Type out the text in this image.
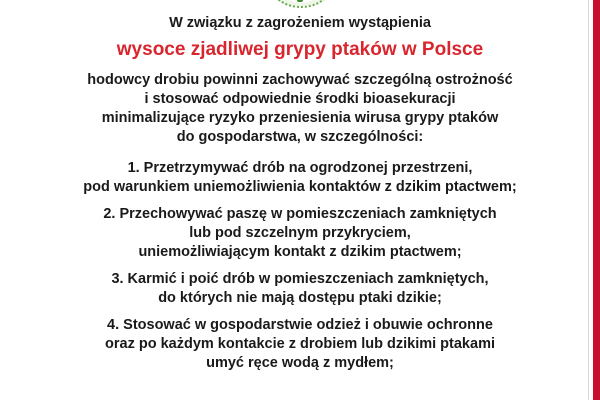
W związku z zagrożeniem wystąpienia
wysoce zjadliwej grypy ptaków w Polsce
hodowcy drobiu powinni zachowywać szczególną ostrożność
i stosować odpowiednie środki bioasekuracji
minimalizujące ryzyko przeniesienia wirusa grypy ptaków
do gospodarstwa, w szczególności:
1. Przetrzymywać drób na ogrodzonej przestrzeni,
pod warunkiem uniemożliwienia kontaktów z dzikim ptactwem;
2. Przechowywać paszę w pomieszczeniach zamkniętych
lub pod szczelnym przykryciem,
uniemożliwiającym kontakt z dzikim ptactwem;
3. Karmić i poić drób w pomieszczeniach zamkniętych,
do których nie mają dostępu ptaki dzikie;
4. Stosować w gospodarstwie odzież i obuwie ochronne
oraz po każdym kontakcie z drobiem lub dzikimi ptakami
umyć ręce wodą z mydłem;
